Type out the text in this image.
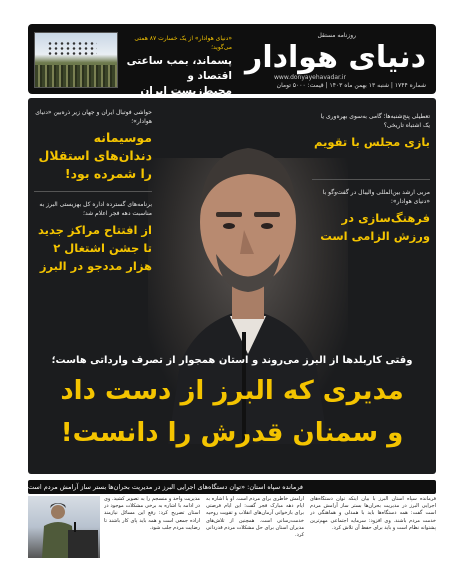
روزنامه مستقل
دنیای هوادار
www.donyayehavadar.ir
شماره ۱۷۴۴ | شنبه ۱۳ بهمن ماه ۱۴۰۳ | قیمت: ۵۰۰۰ تومان
«دنیای هوادار» از یک خسارت ۸۷ همتی می‌گوید؛
پسماند، بمب ساعتی اقتصاد و محیط‌زیست ایران
حواشی فوتبال ایران و جهان زیر ذره‌بین «دنیای هوادار»؛
موسیمانه دندان‌های استقلال را شمرده بود!
برنامه‌های گسترده اداره کل بهزیستی البرز به مناسبت دهه فجر اعلام شد؛
از افتتاح مراکز جدید تا جشن اشتغال ۲ هزار مددجو در البرز
تعطیلی پنج‌شنبه‌ها؛ گامی به‌سوی بهره‌وری یا یک اشتباه تاریخی؟
بازی مجلس با تقویم
مربی ارشد بین‌المللی والیبال در گفت‌وگو با «دنیای هوادار»:
فرهنگ‌سازی در ورزش الزامی است
وقتی کاربلدها از البرز می‌روند و استان همجوار از تصرف وارداتی هاست؛
مدیری که البرز از دست داد
و سمنان قدرش را دانست!
فرمانده سپاه استان: «توان دستگاه‌های اجرایی البرز در مدیریت بحران‌ها بستر ساز آرامش مردم است
فرمانده سپاه استان البرز با بیان اینکه توان دستگاه‌های اجرایی البرز در مدیریت بحران‌ها بستر ساز آرامش مردم است گفت: همه دستگاه‌ها باید با همدلی و هماهنگی در خدمت مردم باشند. وی افزود: سرمایه اجتماعی مهم‌ترین پشتوانه نظام است و باید برای حفظ آن تلاش کرد.
آرامش خاطری برای مردم است. او با اشاره به ایام دهه مبارک فجر گفت: این ایام فرصتی برای بازخوانی آرمان‌های انقلاب و تقویت روحیه خدمت‌رسانی است. همچنین از تلاش‌های مدیران استان برای حل مشکلات مردم قدردانی کرد.
مدیریت واحد و منسجم را به تصویر کشید. وی در ادامه با اشاره به برخی مشکلات موجود در استان تصریح کرد: رفع این مسائل نیازمند اراده جمعی است و همه باید پای کار باشند تا رضایت مردم جلب شود.
